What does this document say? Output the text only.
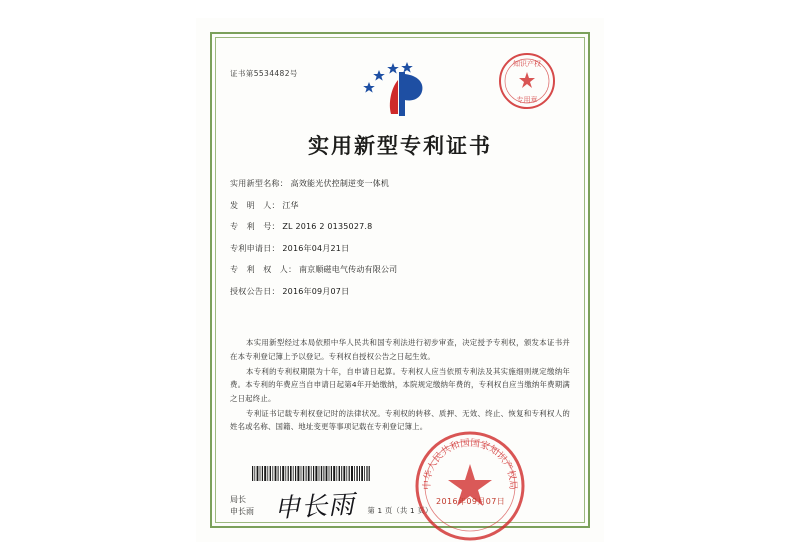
证书第5534482号
实用新型专利证书
实用新型名称： 高效能光伏控制逆变一体机
发　明　人： 江华
专　利　号： ZL 2016 2 0135027.8
专利申请日： 2016年04月21日
专　利　权　人： 南京顺磁电气传动有限公司
授权公告日： 2016年09月07日

本实用新型经过本局依照中华人民共和国专利法进行初步审查，决定授予专利权，颁发本证书并在本专利登记簿上予以登记。专利权自授权公告之日起生效。

本专利的专利权期限为十年，自申请日起算。专利权人应当依照专利法及其实施细则规定缴纳年费。本专利的年费应当自申请日起第4年开始缴纳，本院规定缴纳年费的，专利权自应当缴纳年费期满之日起终止。

专利证书记载专利权登记时的法律状况。专利权的转移、质押、无效、终止、恢复和专利权人的姓名或名称、国籍、地址变更等事项记载在专利登记簿上。

局长
申长雨 申长雨	第 1 页（共 1 页）
知识产权
专用章
中华人民共和国国家知识产权局
2016年09月07日
